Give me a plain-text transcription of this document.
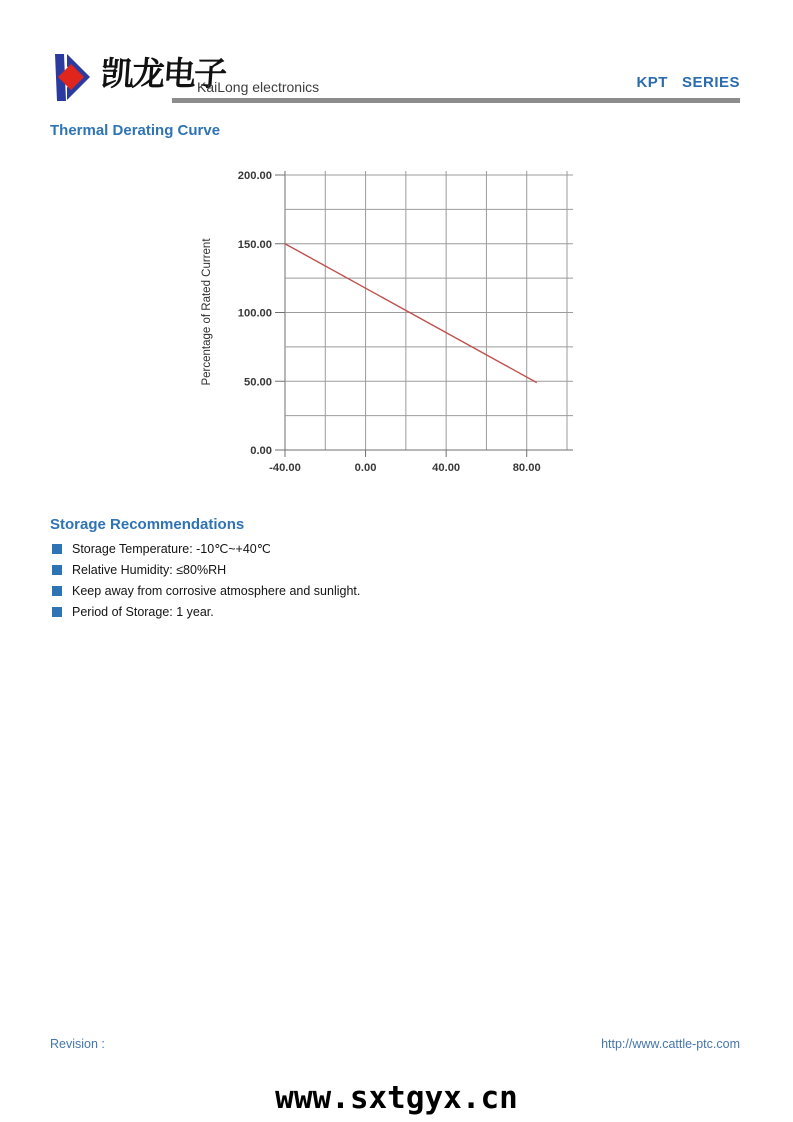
凯龙电子
KaiLong electronics	KPT   SERIES
Thermal Derating Curve
0.00
50.00
100.00
150.00
200.00
-40.00	0.00	40.00	80.00
Percentage of Rated Current
Storage Recommendations
Storage Temperature: -10℃~+40℃
Relative Humidity: ≤80%RH
Keep away from corrosive atmosphere and sunlight.
Period of Storage: 1 year.
Revision :	http://www.cattle-ptc.com
www.sxtgyx.cn
